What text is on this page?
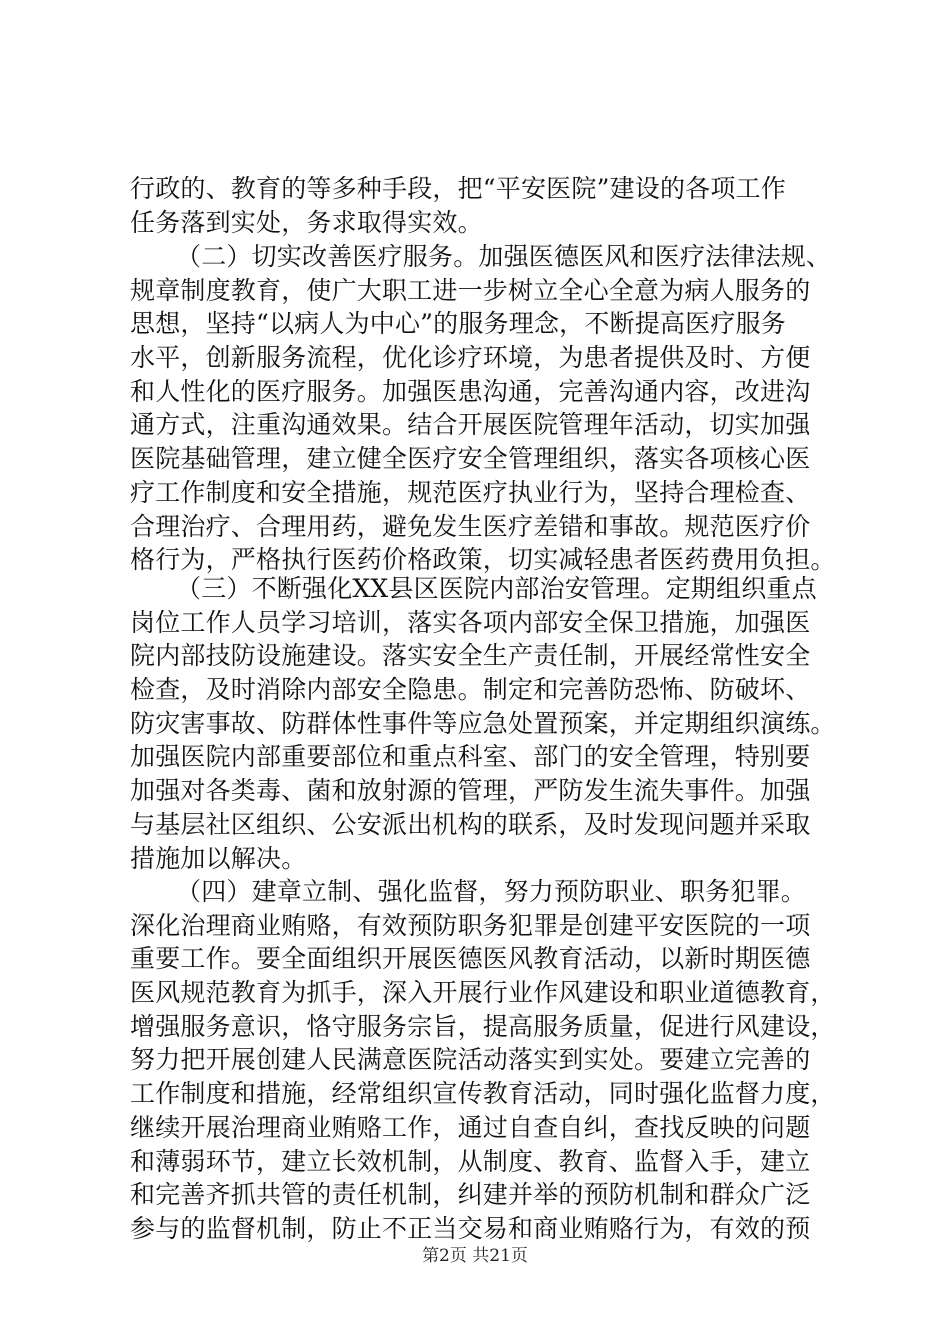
行政的、教育的等多种手段，把“平安医院”建设的各项工作
任务落到实处，务求取得实效。
（二）切实改善医疗服务。加强医德医风和医疗法律法规、
规章制度教育，使广大职工进一步树立全心全意为病人服务的
思想，坚持“以病人为中心”的服务理念，不断提高医疗服务
水平，创新服务流程，优化诊疗环境，为患者提供及时、方便
和人性化的医疗服务。加强医患沟通，完善沟通内容，改进沟
通方式，注重沟通效果。结合开展医院管理年活动，切实加强
医院基础管理，建立健全医疗安全管理组织，落实各项核心医
疗工作制度和安全措施，规范医疗执业行为，坚持合理检查、
合理治疗、合理用药，避免发生医疗差错和事故。规范医疗价
格行为，严格执行医药价格政策，切实减轻患者医药费用负担。
（三）不断强化XX县区医院内部治安管理。定期组织重点
岗位工作人员学习培训，落实各项内部安全保卫措施，加强医
院内部技防设施建设。落实安全生产责任制，开展经常性安全
检查，及时消除内部安全隐患。制定和完善防恐怖、防破坏、
防灾害事故、防群体性事件等应急处置预案，并定期组织演练。
加强医院内部重要部位和重点科室、部门的安全管理，特别要
加强对各类毒、菌和放射源的管理，严防发生流失事件。加强
与基层社区组织、公安派出机构的联系，及时发现问题并采取
措施加以解决。
（四）建章立制、强化监督，努力预防职业、职务犯罪。
深化治理商业贿赂，有效预防职务犯罪是创建平安医院的一项
重要工作。要全面组织开展医德医风教育活动，以新时期医德
医风规范教育为抓手，深入开展行业作风建设和职业道德教育，
增强服务意识，恪守服务宗旨，提高服务质量，促进行风建设，
努力把开展创建人民满意医院活动落实到实处。要建立完善的
工作制度和措施，经常组织宣传教育活动，同时强化监督力度，
继续开展治理商业贿赂工作，通过自查自纠，查找反映的问题
和薄弱环节，建立长效机制，从制度、教育、监督入手，建立
和完善齐抓共管的责任机制，纠建并举的预防机制和群众广泛
参与的监督机制，防止不正当交易和商业贿赂行为，有效的预
第2页 共21页
